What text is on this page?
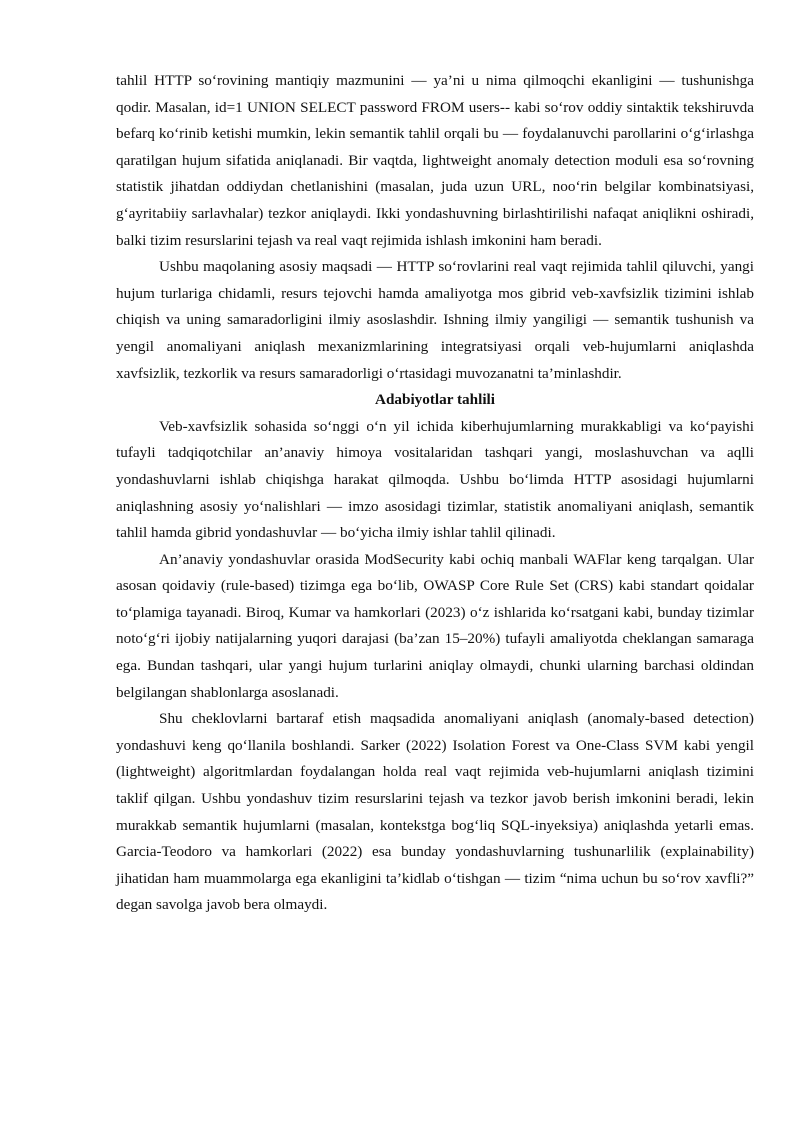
tahlil HTTP so‘rovining mantiqiy mazmunini — ya’ni u nima qilmoqchi ekanligini — tushunishga qodir. Masalan, id=1 UNION SELECT password FROM users-- kabi so‘rov oddiy sintaktik tekshiruvda befarq ko‘rinib ketishi mumkin, lekin semantik tahlil orqali bu — foydalanuvchi parollarini o‘g‘irlashga qaratilgan hujum sifatida aniqlanadi. Bir vaqtda, lightweight anomaly detection moduli esa so‘rovning statistik jihatdan oddiydan chetlanishini (masalan, juda uzun URL, noo‘rin belgilar kombinatsiyasi, g‘ayritabiiy sarlavhalar) tezkor aniqlaydi. Ikki yondashuvning birlashtirilishi nafaqat aniqlikni oshiradi, balki tizim resurslarini tejash va real vaqt rejimida ishlash imkonini ham beradi.

Ushbu maqolaning asosiy maqsadi — HTTP so‘rovlarini real vaqt rejimida tahlil qiluvchi, yangi hujum turlariga chidamli, resurs tejovchi hamda amaliyotga mos gibrid veb-xavfsizlik tizimini ishlab chiqish va uning samaradorligini ilmiy asoslashdir. Ishning ilmiy yangiligi — semantik tushunish va yengil anomaliyani aniqlash mexanizmlarining integratsiyasi orqali veb-hujumlarni aniqlashda xavfsizlik, tezkorlik va resurs samaradorligi o‘rtasidagi muvozanatni ta’minlashdir.

Adabiyotlar tahlili

Veb-xavfsizlik sohasida so‘nggi o‘n yil ichida kiberhujumlarning murakkabligi va ko‘payishi tufayli tadqiqotchilar an’anaviy himoya vositalaridan tashqari yangi, moslashuvchan va aqlli yondashuvlarni ishlab chiqishga harakat qilmoqda. Ushbu bo‘limda HTTP asosidagi hujumlarni aniqlashning asosiy yo‘nalishlari — imzo asosidagi tizimlar, statistik anomaliyani aniqlash, semantik tahlil hamda gibrid yondashuvlar — bo‘yicha ilmiy ishlar tahlil qilinadi.

An’anaviy yondashuvlar orasida ModSecurity kabi ochiq manbali WAFlar keng tarqalgan. Ular asosan qoidaviy (rule-based) tizimga ega bo‘lib, OWASP Core Rule Set (CRS) kabi standart qoidalar to‘plamiga tayanadi. Biroq, Kumar va hamkorlari (2023) o‘z ishlarida ko‘rsatgani kabi, bunday tizimlar noto‘g‘ri ijobiy natijalarning yuqori darajasi (ba’zan 15–20%) tufayli amaliyotda cheklangan samaraga ega. Bundan tashqari, ular yangi hujum turlarini aniqlay olmaydi, chunki ularning barchasi oldindan belgilangan shablonlarga asoslanadi.

Shu cheklovlarni bartaraf etish maqsadida anomaliyani aniqlash (anomaly-based detection) yondashuvi keng qo‘llanila boshlandi. Sarker (2022) Isolation Forest va One-Class SVM kabi yengil (lightweight) algoritmlardan foydalangan holda real vaqt rejimida veb-hujumlarni aniqlash tizimini taklif qilgan. Ushbu yondashuv tizim resurslarini tejash va tezkor javob berish imkonini beradi, lekin murakkab semantik hujumlarni (masalan, kontekstga bog‘liq SQL-inyeksiya) aniqlashda yetarli emas. Garcia-Teodoro va hamkorlari (2022) esa bunday yondashuvlarning tushunarlilik (explainability) jihatidan ham muammolarga ega ekanligini ta’kidlab o‘tishgan — tizim “nima uchun bu so‘rov xavfli?” degan savolga javob bera olmaydi.
